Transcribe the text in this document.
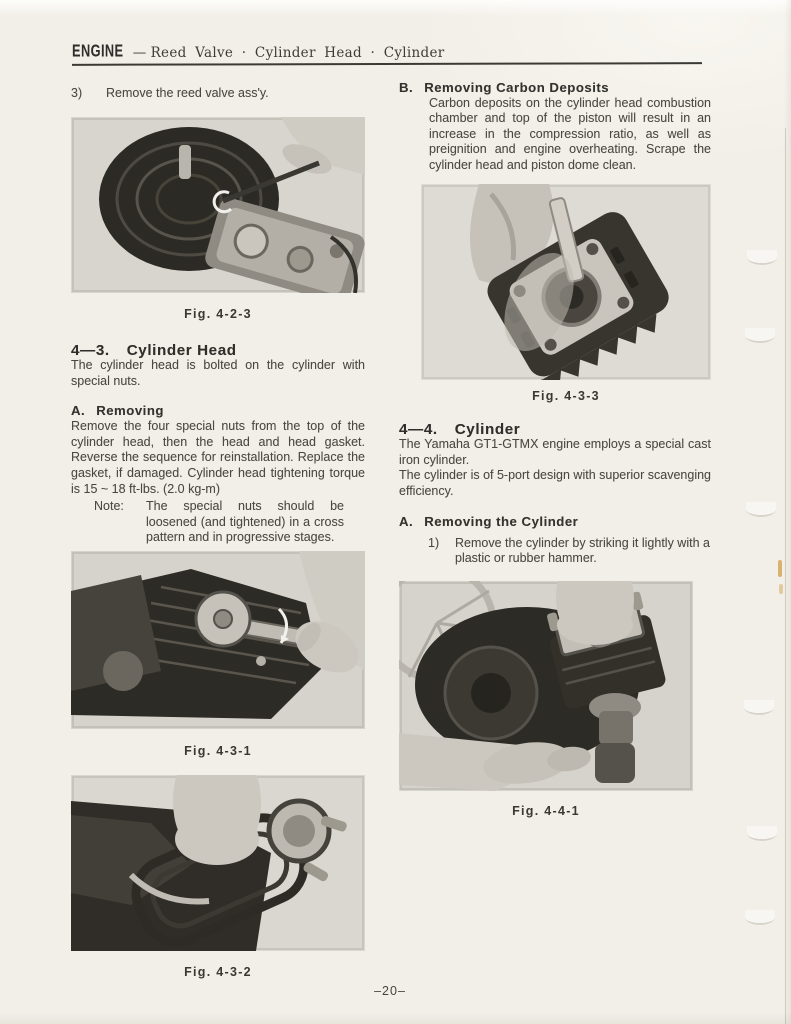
ENGINE — Reed Valve · Cylinder Head · Cylinder
3)	Remove the reed valve ass'y.
Fig. 4-2-3
4—3. Cylinder Head

The cylinder head is bolted on the cylinder with special nuts.

A. Removing

Remove the four special nuts from the top of the cylinder head, then the head and head gasket. Reverse the sequence for reinstallation. Replace the gasket, if damaged. Cylinder head tightening torque is 15 ~ 18 ft-lbs. (2.0 kg-m)

Note:	The special nuts should be loosened (and tightened) in a cross pattern and in progressive stages.
Fig. 4-3-1
Fig. 4-3-2
B. Removing Carbon Deposits

Carbon deposits on the cylinder head combustion chamber and top of the piston will result in an increase in the compression ratio, as well as preignition and engine overheating. Scrape the cylinder head and piston dome clean.

Fig. 4-3-3
4—4. Cylinder

The Yamaha GT1-GTMX engine employs a special cast iron cylinder.

The cylinder is of 5-port design with superior scavenging efficiency.

A. Removing the Cylinder
1)	Remove the cylinder by striking it lightly with a plastic or rubber hammer.
Fig. 4-4-1
–20–
